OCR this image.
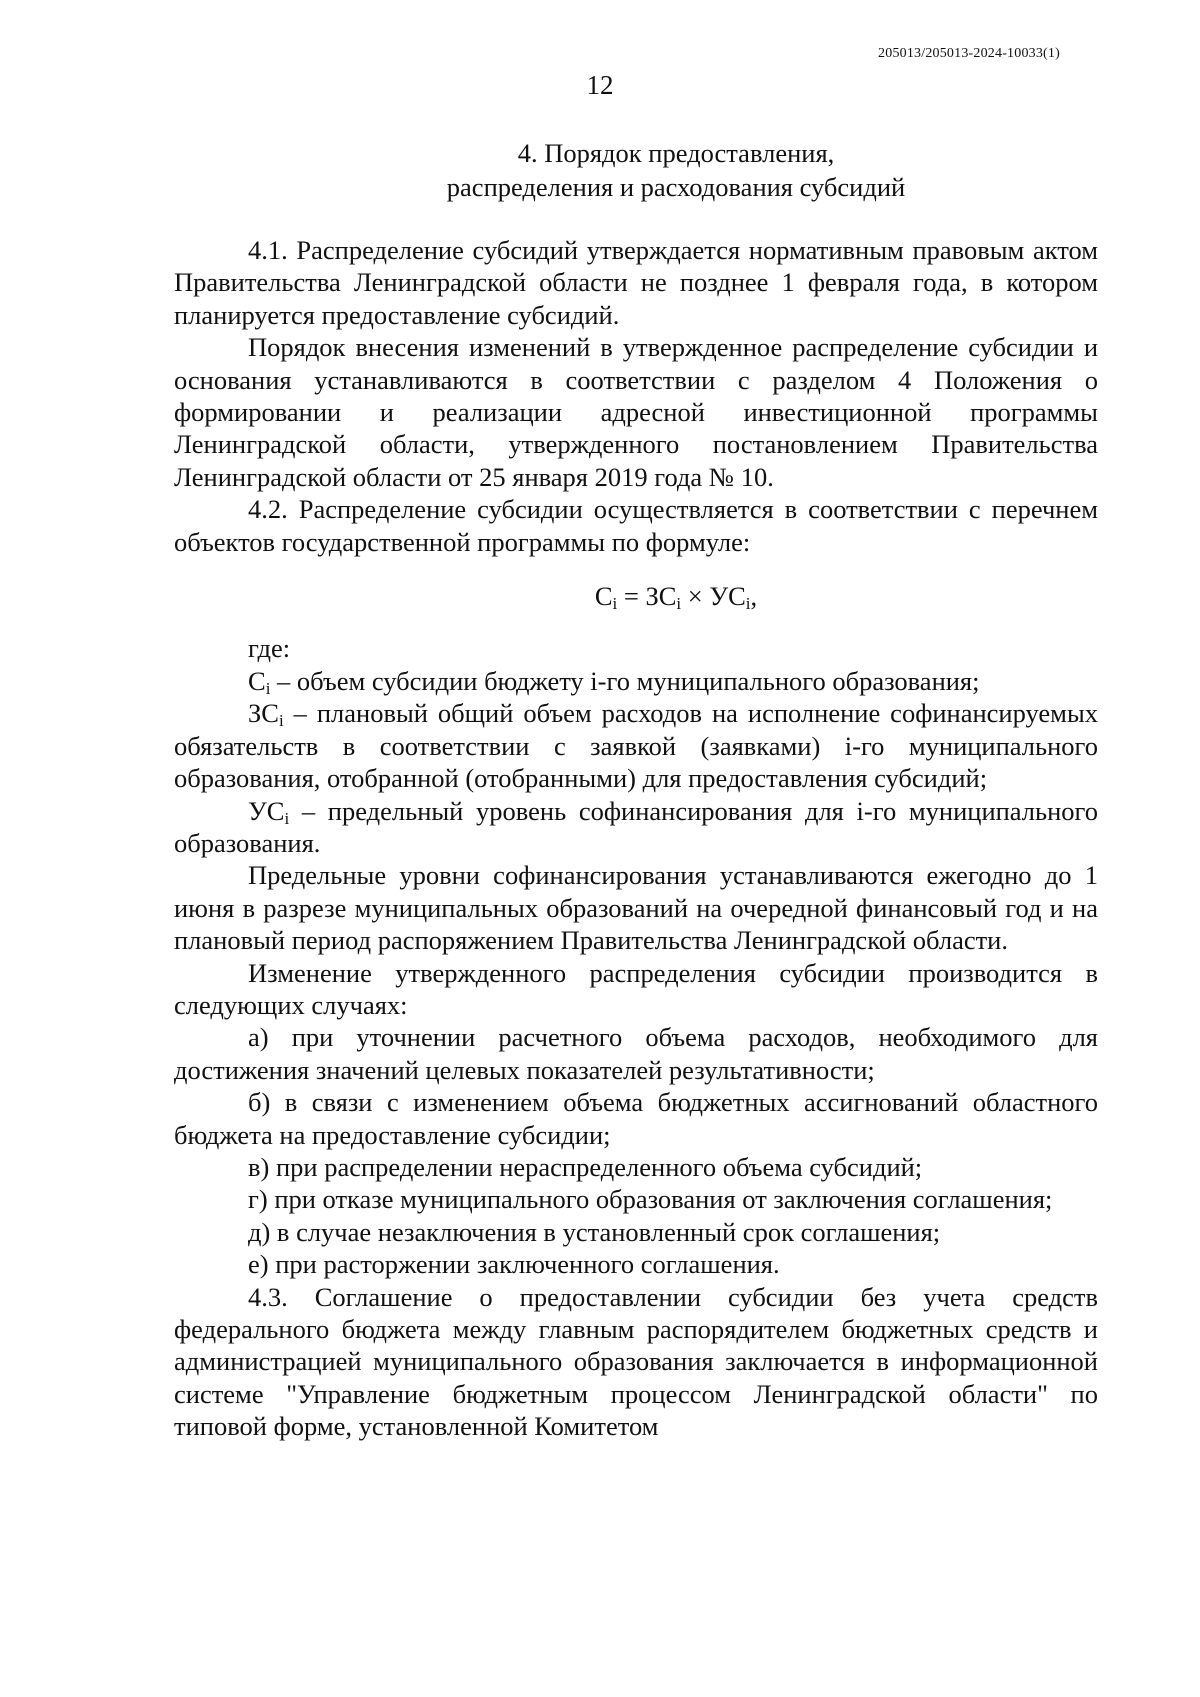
205013/205013-2024-10033(1)
12
4. Порядок предоставления,
распределения и расходования субсидий

4.1. Распределение субсидий утверждается нормативным правовым актом Правительства Ленинградской области не позднее 1 февраля года, в котором планируется предоставление субсидий.

Порядок внесения изменений в утвержденное распределение субсидии и основания устанавливаются в соответствии с разделом 4 Положения о формировании и реализации адресной инвестиционной программы Ленинградской области, утвержденного постановлением Правительства Ленинградской области от 25 января 2019 года № 10.

4.2. Распределение субсидии осуществляется в соответствии с перечнем объектов государственной программы по формуле:

$C_i = ЗC_i \times УC_i$,

где:

$C_i$ – объем субсидии бюджету i-го муниципального образования;

$ЗC_i$ – плановый общий объем расходов на исполнение софинансируемых обязательств в соответствии с заявкой (заявками) i-го муниципального образования, отобранной (отобранными) для предоставления субсидий;

$УC_i$ – предельный уровень софинансирования для i-го муниципального образования.

Предельные уровни софинансирования устанавливаются ежегодно до 1 июня в разрезе муниципальных образований на очередной финансовый год и на плановый период распоряжением Правительства Ленинградской области.

Изменение утвержденного распределения субсидии производится в следующих случаях:

а) при уточнении расчетного объема расходов, необходимого для достижения значений целевых показателей результативности;

б) в связи с изменением объема бюджетных ассигнований областного бюджета на предоставление субсидии;

в) при распределении нераспределенного объема субсидий;

г) при отказе муниципального образования от заключения соглашения;

д) в случае незаключения в установленный срок соглашения;

е) при расторжении заключенного соглашения.

4.3. Соглашение о предоставлении субсидии без учета средств федерального бюджета между главным распорядителем бюджетных средств и администрацией муниципального образования заключается в информационной системе "Управление бюджетным процессом Ленинградской области" по типовой форме, установленной Комитетом
